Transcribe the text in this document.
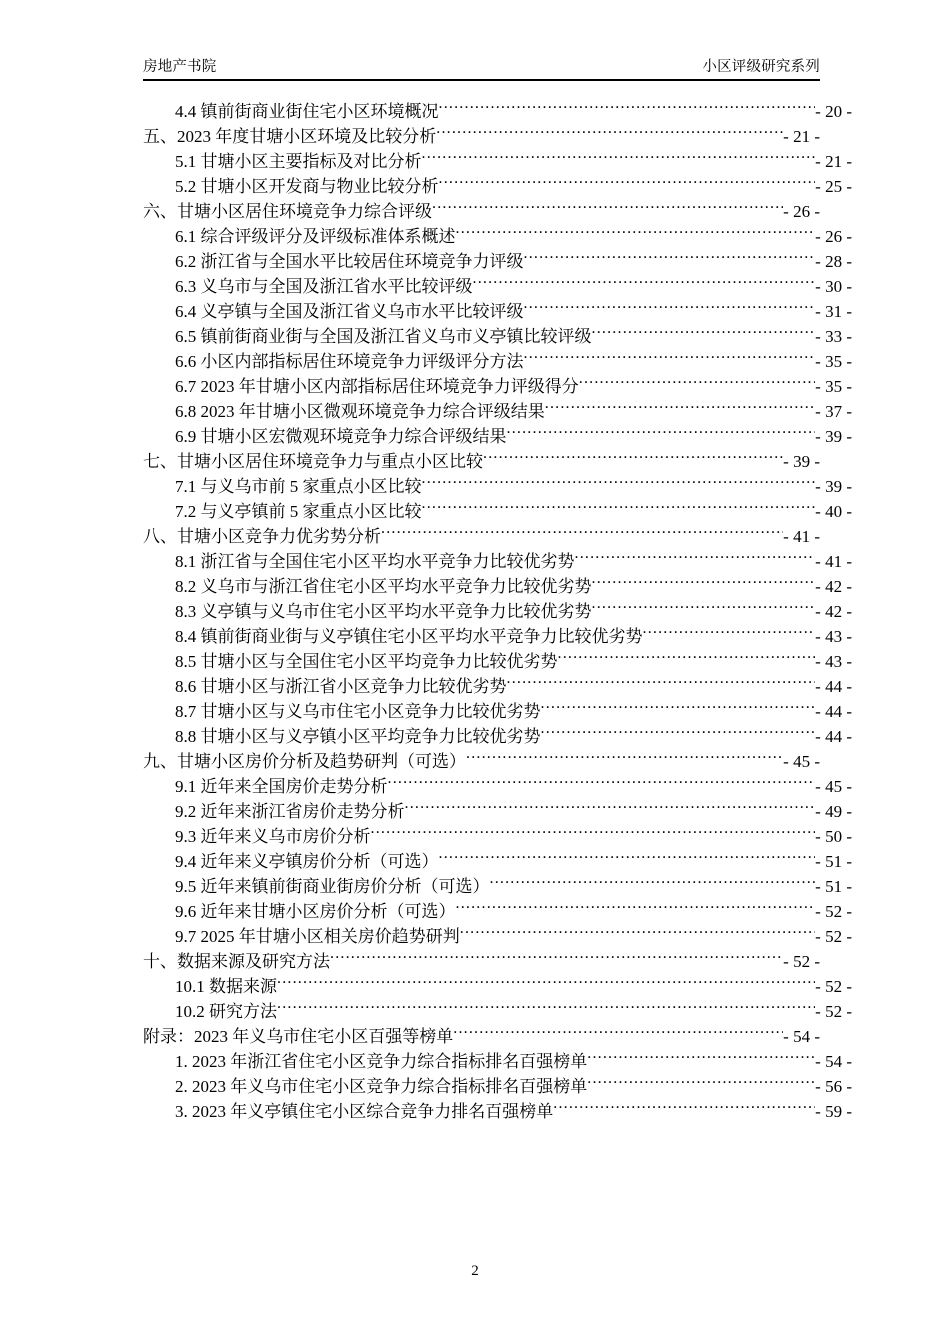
房地产书院	小区评级研究系列
4.4 镇前街商业街住宅小区环境概况 .....	- 20 -
五、2023 年度甘塘小区环境及比较分析 .....	- 21 -
5.1 甘塘小区主要指标及对比分析 .....	- 21 -
5.2 甘塘小区开发商与物业比较分析 .....	- 25 -
六、甘塘小区居住环境竞争力综合评级 .....	- 26 -
6.1 综合评级评分及评级标准体系概述 .....	- 26 -
6.2 浙江省与全国水平比较居住环境竞争力评级 .....	- 28 -
6.3 义乌市与全国及浙江省水平比较评级 .....	- 30 -
6.4 义亭镇与全国及浙江省义乌市水平比较评级 .....	- 31 -
6.5 镇前街商业街与全国及浙江省义乌市义亭镇比较评级 .....	- 33 -
6.6 小区内部指标居住环境竞争力评级评分方法 .....	- 35 -
6.7 2023 年甘塘小区内部指标居住环境竞争力评级得分 .....	- 35 -
6.8 2023 年甘塘小区微观环境竞争力综合评级结果 .....	- 37 -
6.9 甘塘小区宏微观环境竞争力综合评级结果 .....	- 39 -
七、甘塘小区居住环境竞争力与重点小区比较 .....	- 39 -
7.1 与义乌市前 5 家重点小区比较 .....	- 39 -
7.2 与义亭镇前 5 家重点小区比较 .....	- 40 -
八、甘塘小区竞争力优劣势分析 .....	- 41 -
8.1 浙江省与全国住宅小区平均水平竞争力比较优劣势 .....	- 41 -
8.2 义乌市与浙江省住宅小区平均水平竞争力比较优劣势 .....	- 42 -
8.3 义亭镇与义乌市住宅小区平均水平竞争力比较优劣势 .....	- 42 -
8.4 镇前街商业街与义亭镇住宅小区平均水平竞争力比较优劣势 .....	- 43 -
8.5 甘塘小区与全国住宅小区平均竞争力比较优劣势 .....	- 43 -
8.6 甘塘小区与浙江省小区竞争力比较优劣势 .....	- 44 -
8.7 甘塘小区与义乌市住宅小区竞争力比较优劣势 .....	- 44 -
8.8 甘塘小区与义亭镇小区平均竞争力比较优劣势 .....	- 44 -
九、甘塘小区房价分析及趋势研判（可选） .....	- 45 -
9.1 近年来全国房价走势分析 .....	- 45 -
9.2 近年来浙江省房价走势分析 .....	- 49 -
9.3 近年来义乌市房价分析 .....	- 50 -
9.4 近年来义亭镇房价分析（可选） .....	- 51 -
9.5 近年来镇前街商业街房价分析（可选） .....	- 51 -
9.6 近年来甘塘小区房价分析（可选） .....	- 52 -
9.7 2025 年甘塘小区相关房价趋势研判 .....	- 52 -
十、数据来源及研究方法 .....	- 52 -
10.1 数据来源 .....	- 52 -
10.2 研究方法 .....	- 52 -
附录：2023 年义乌市住宅小区百强等榜单 .....	- 54 -
1. 2023 年浙江省住宅小区竞争力综合指标排名百强榜单 .....	- 54 -
2. 2023 年义乌市住宅小区竞争力综合指标排名百强榜单 .....	- 56 -
3. 2023 年义亭镇住宅小区综合竞争力排名百强榜单 .....	- 59 -
2
